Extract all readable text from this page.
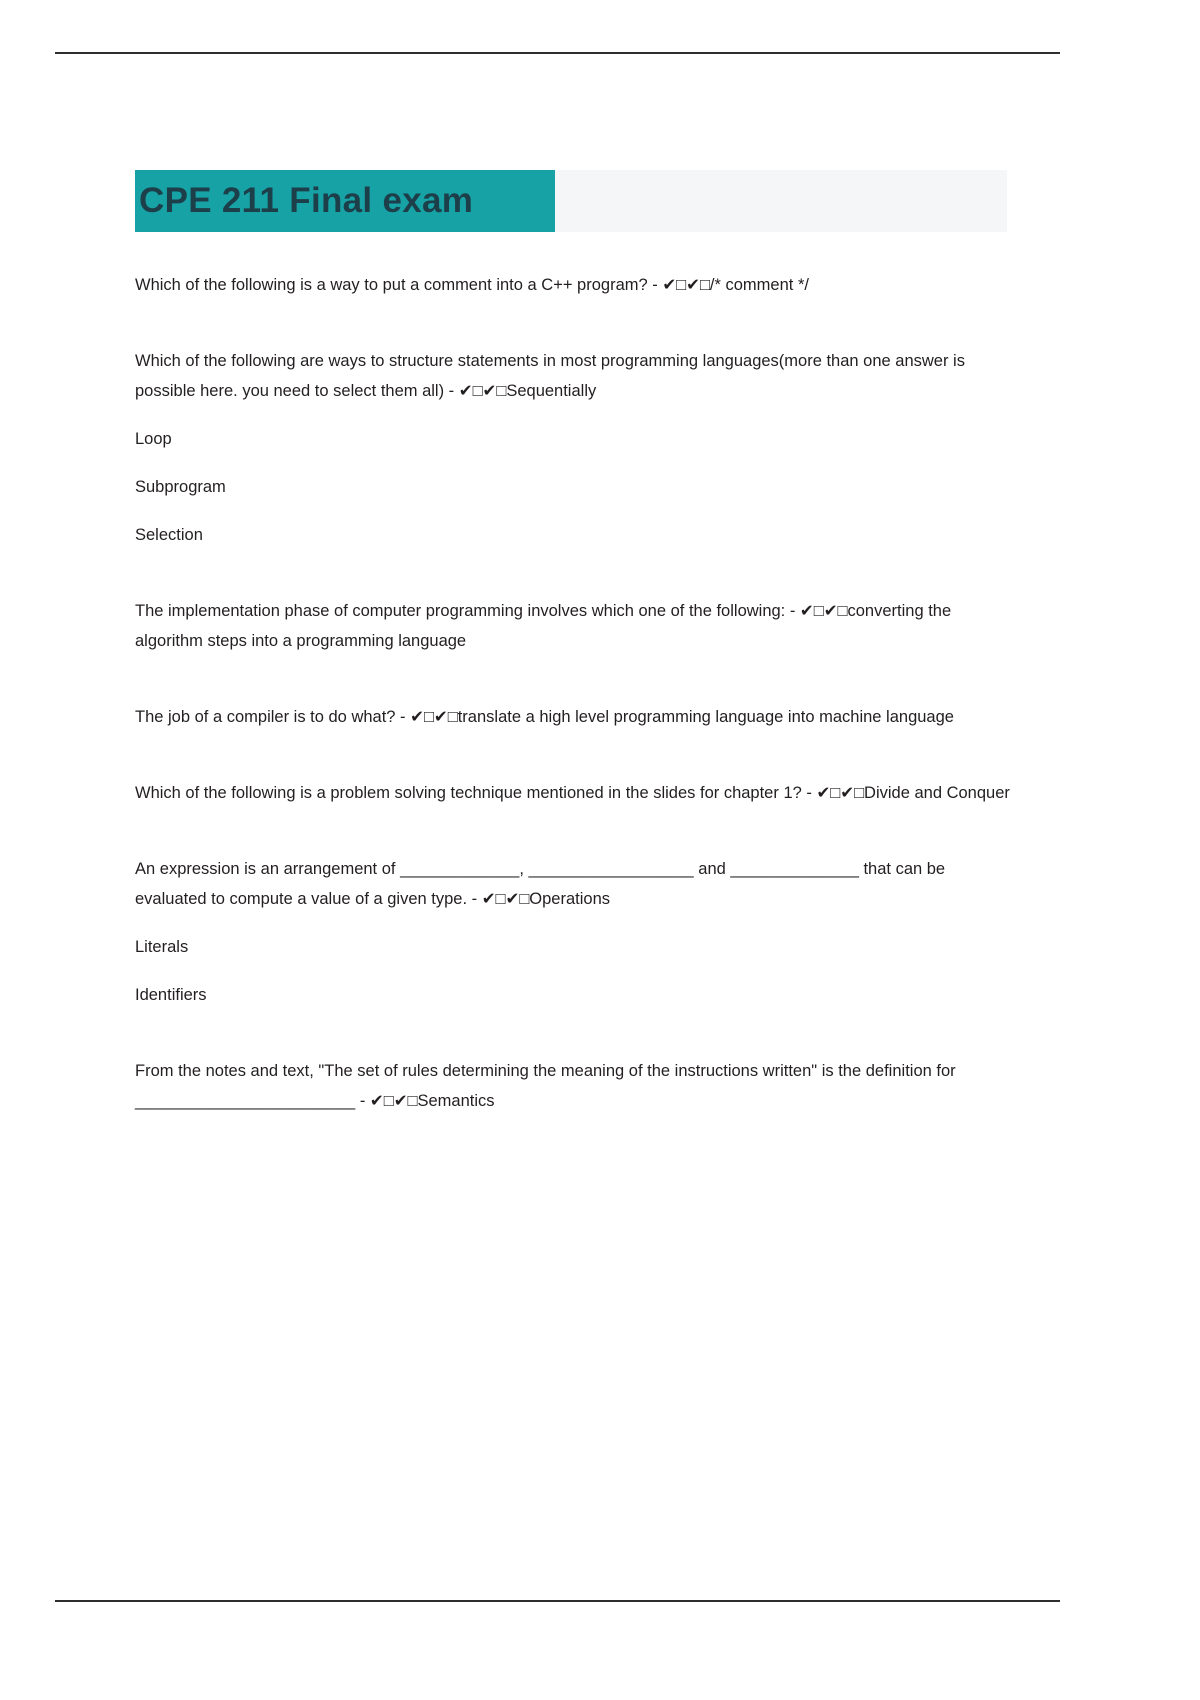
CPE 211 Final exam

Which of the following is a way to put a comment into a C++ program? - ✔□✔□/* comment */

Which of the following are ways to structure statements in most programming languages(more than one answer is possible here. you need to select them all) - ✔□✔□Sequentially

Loop

Subprogram

Selection

The implementation phase of computer programming involves which one of the following: - ✔□✔□converting the algorithm steps into a programming language

The job of a compiler is to do what? - ✔□✔□translate a high level programming language into machine language

Which of the following is a problem solving technique mentioned in the slides for chapter 1? - ✔□✔□Divide and Conquer

An expression is an arrangement of _____________, __________________ and ______________ that can be evaluated to compute a value of a given type. - ✔□✔□Operations

Literals

Identifiers

From the notes and text, "The set of rules determining the meaning of the instructions written" is the definition for ________________________ - ✔□✔□Semantics
